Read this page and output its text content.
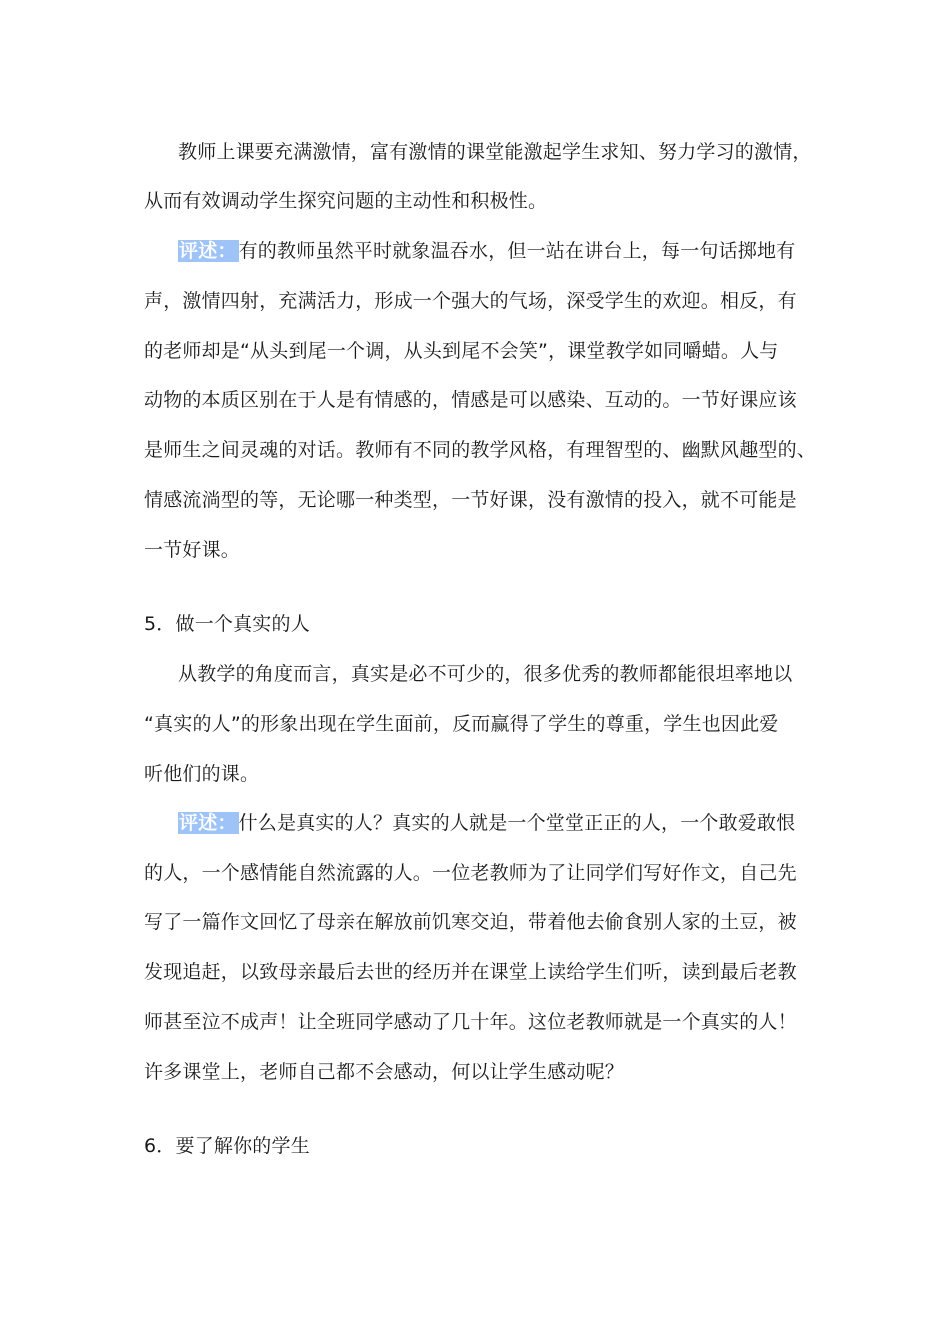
教师上课要充满激情，富有激情的课堂能激起学生求知、努力学习的激情，
从而有效调动学生探究问题的主动性和积极性。
评述： 有的教师虽然平时就象温吞水，但一站在讲台上，每一句话掷地有
声，激情四射，充满活力，形成一个强大的气场，深受学生的欢迎。相反，有
的老师却是“从头到尾一个调，从头到尾不会笑”，课堂教学如同嚼蜡。人与
动物的本质区别在于人是有情感的，情感是可以感染、互动的。一节好课应该
是师生之间灵魂的对话。教师有不同的教学风格，有理智型的、幽默风趣型的、
情感流淌型的等，无论哪一种类型，一节好课，没有激情的投入，就不可能是
一节好课。
5．做一个真实的人
从教学的角度而言，真实是必不可少的，很多优秀的教师都能很坦率地以
“真实的人”的形象出现在学生面前，反而赢得了学生的尊重，学生也因此爱
听他们的课。
评述： 什么是真实的人？真实的人就是一个堂堂正正的人，一个敢爱敢恨
的人，一个感情能自然流露的人。一位老教师为了让同学们写好作文，自己先
写了一篇作文回忆了母亲在解放前饥寒交迫，带着他去偷食别人家的土豆，被
发现追赶，以致母亲最后去世的经历并在课堂上读给学生们听，读到最后老教
师甚至泣不成声！让全班同学感动了几十年。这位老教师就是一个真实的人！
许多课堂上，老师自己都不会感动，何以让学生感动呢？
6．要了解你的学生
